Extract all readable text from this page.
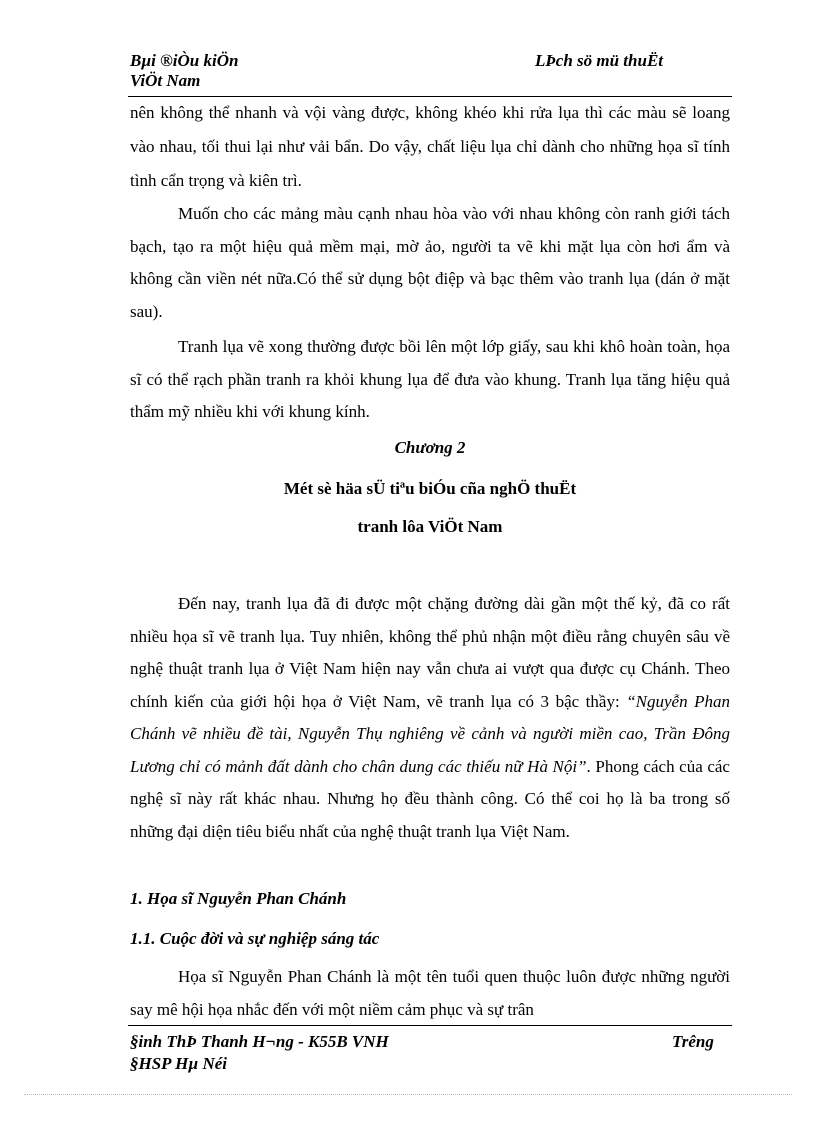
Bµi ®iÒu kiÖn
ViÖt Nam
LÞch sö mü thuËt

nên không thể nhanh và vội vàng được, không khéo khi rửa lụa thì các màu sẽ loang vào nhau, tối thui lại như vải bẩn. Do vậy, chất liệu lụa chỉ dành cho những họa sĩ tính tình cẩn trọng và kiên trì.

Muốn cho các mảng màu cạnh nhau hòa vào với nhau không còn ranh giới tách bạch, tạo ra một hiệu quả mềm mại, mờ ảo, người ta vẽ khi mặt lụa còn hơi ẩm và không cần viền nét nữa.Có thể sử dụng bột điệp và bạc thêm vào tranh lụa (dán ở mặt sau).

Tranh lụa vẽ xong thường được bồi lên một lớp giấy, sau khi khô hoàn toàn, họa sĩ có thể rạch phần tranh ra khỏi khung lụa để đưa vào khung. Tranh lụa tăng hiệu quả thẩm mỹ nhiều khi với khung kính.

Chương 2
Mét sè häa sÜ tiªu biÓu cña nghÖ thuËt
tranh lôa ViÖt Nam

Đến nay, tranh lụa đã đi được một chặng đường dài gần một thế kỷ, đã co rất nhiều họa sĩ vẽ tranh lụa. Tuy nhiên, không thể phủ nhận một điều rằng chuyên sâu về nghệ thuật tranh lụa ở Việt Nam hiện nay vẫn chưa ai vượt qua được cụ Chánh. Theo chính kiến của giới hội họa ở Việt Nam, vẽ tranh lụa có 3 bậc thầy: “Nguyễn Phan Chánh vẽ nhiều đề tài, Nguyễn Thụ nghiêng về cảnh và người miền cao, Trần Đông Lương chỉ có mảnh đất dành cho chân dung các thiếu nữ Hà Nội”. Phong cách của các nghệ sĩ này rất khác nhau. Nhưng họ đều thành công. Có thể coi họ là ba trong số những đại diện tiêu biểu nhất của nghệ thuật tranh lụa Việt Nam.

1. Họa sĩ Nguyễn Phan Chánh
1.1. Cuộc đời và sự nghiệp sáng tác

Họa sĩ Nguyễn Phan Chánh là một tên tuổi quen thuộc luôn được những người say mê hội họa nhắc đến với một niềm cảm phục và sự trân

§inh ThÞ Thanh H¬ng - K55B VNH
§HSP Hµ Néi
Trêng
